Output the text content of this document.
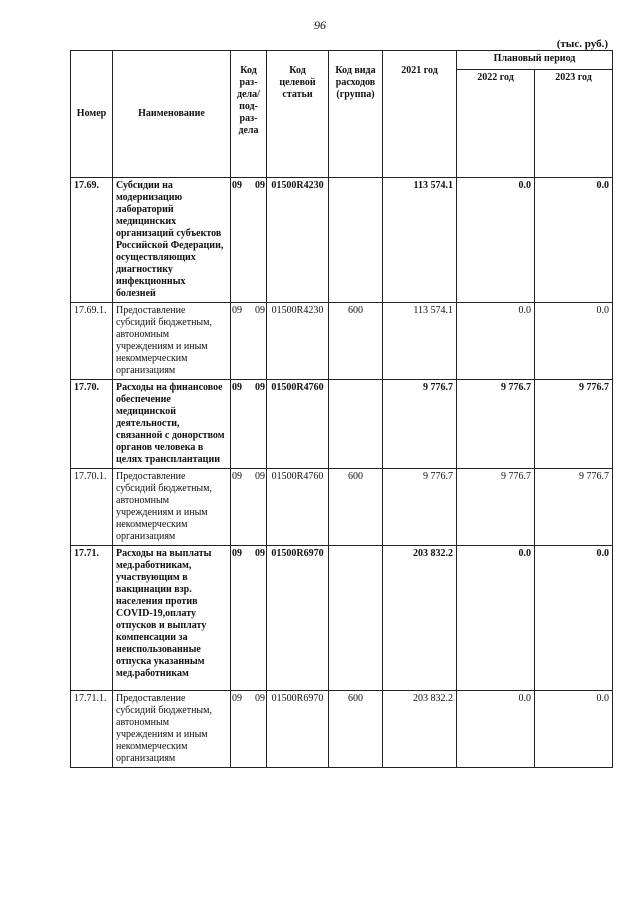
96
(тыс. руб.)
Номер	Наименование	Код раз- дела/ под- раз- дела	Код целевой статьи	Код вида расходов (группа)	2021 год	Плановый период	
						2022 год	2023 год
17.69.	Субсидии на модернизацию лабораторий медицинских организаций субъектов Российской Федерации, осуществляющих диагностику инфекционных болезней	09 09	01500R4230		113 574.1	0.0	0.0
17.69.1.	Предоставление субсидий бюджетным, автономным учреждениям и иным некоммерческим организациям	09 09	01500R4230	600	113 574.1	0.0	0.0
17.70.	Расходы на финансовое обеспечение медицинской деятельности, связанной с донорством органов человека в целях трансплантации	09 09	01500R4760		9 776.7	9 776.7	9 776.7
17.70.1.	Предоставление субсидий бюджетным, автономным учреждениям и иным некоммерческим организациям	09 09	01500R4760	600	9 776.7	9 776.7	9 776.7
17.71.	Расходы на выплаты мед.работникам, участвующим в вакцинации взр. населения против COVID-19,оплату отпусков и выплату компенсации за неиспользованные отпуска указанным мед.работникам	09 09	01500R6970		203 832.2	0.0	0.0
17.71.1.	Предоставление субсидий бюджетным, автономным учреждениям и иным некоммерческим организациям	09 09	01500R6970	600	203 832.2	0.0	0.0
